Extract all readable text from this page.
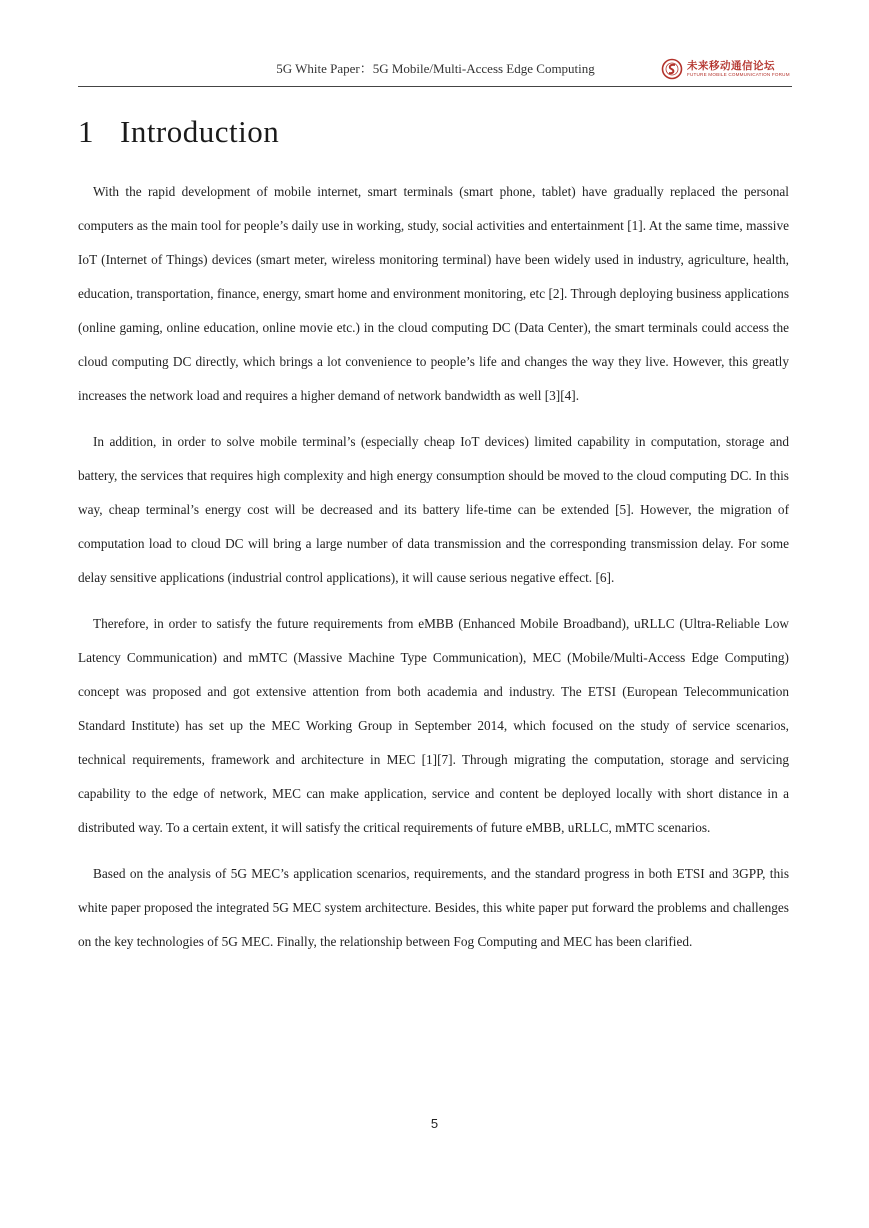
5G White Paper：5G Mobile/Multi-Access Edge Computing	未来移动通信论坛
FUTURE MOBILE COMMUNICATION FORUM
1 Introduction

With the rapid development of mobile internet, smart terminals (smart phone, tablet) have gradually replaced the personal computers as the main tool for people’s daily use in working, study, social activities and entertainment [1]. At the same time, massive IoT (Internet of Things) devices (smart meter, wireless monitoring terminal) have been widely used in industry, agriculture, health, education, transportation, finance, energy, smart home and environment monitoring, etc [2]. Through deploying business applications (online gaming, online education, online movie etc.) in the cloud computing DC (Data Center), the smart terminals could access the cloud computing DC directly, which brings a lot convenience to people’s life and changes the way they live. However, this greatly increases the network load and requires a higher demand of network bandwidth as well [3][4].

In addition, in order to solve mobile terminal’s (especially cheap IoT devices) limited capability in computation, storage and battery, the services that requires high complexity and high energy consumption should be moved to the cloud computing DC. In this way, cheap terminal’s energy cost will be decreased and its battery life-time can be extended [5]. However, the migration of computation load to cloud DC will bring a large number of data transmission and the corresponding transmission delay. For some delay sensitive applications (industrial control applications), it will cause serious negative effect. [6].

Therefore, in order to satisfy the future requirements from eMBB (Enhanced Mobile Broadband), uRLLC (Ultra-Reliable Low Latency Communication) and mMTC (Massive Machine Type Communication), MEC (Mobile/Multi-Access Edge Computing) concept was proposed and got extensive attention from both academia and industry. The ETSI (European Telecommunication Standard Institute) has set up the MEC Working Group in September 2014, which focused on the study of service scenarios, technical requirements, framework and architecture in MEC [1][7]. Through migrating the computation, storage and servicing capability to the edge of network, MEC can make application, service and content be deployed locally with short distance in a distributed way. To a certain extent, it will satisfy the critical requirements of future eMBB, uRLLC, mMTC scenarios.

Based on the analysis of 5G MEC’s application scenarios, requirements, and the standard progress in both ETSI and 3GPP, this white paper proposed the integrated 5G MEC system architecture. Besides, this white paper put forward the problems and challenges on the key technologies of 5G MEC. Finally, the relationship between Fog Computing and MEC has been clarified.

5
